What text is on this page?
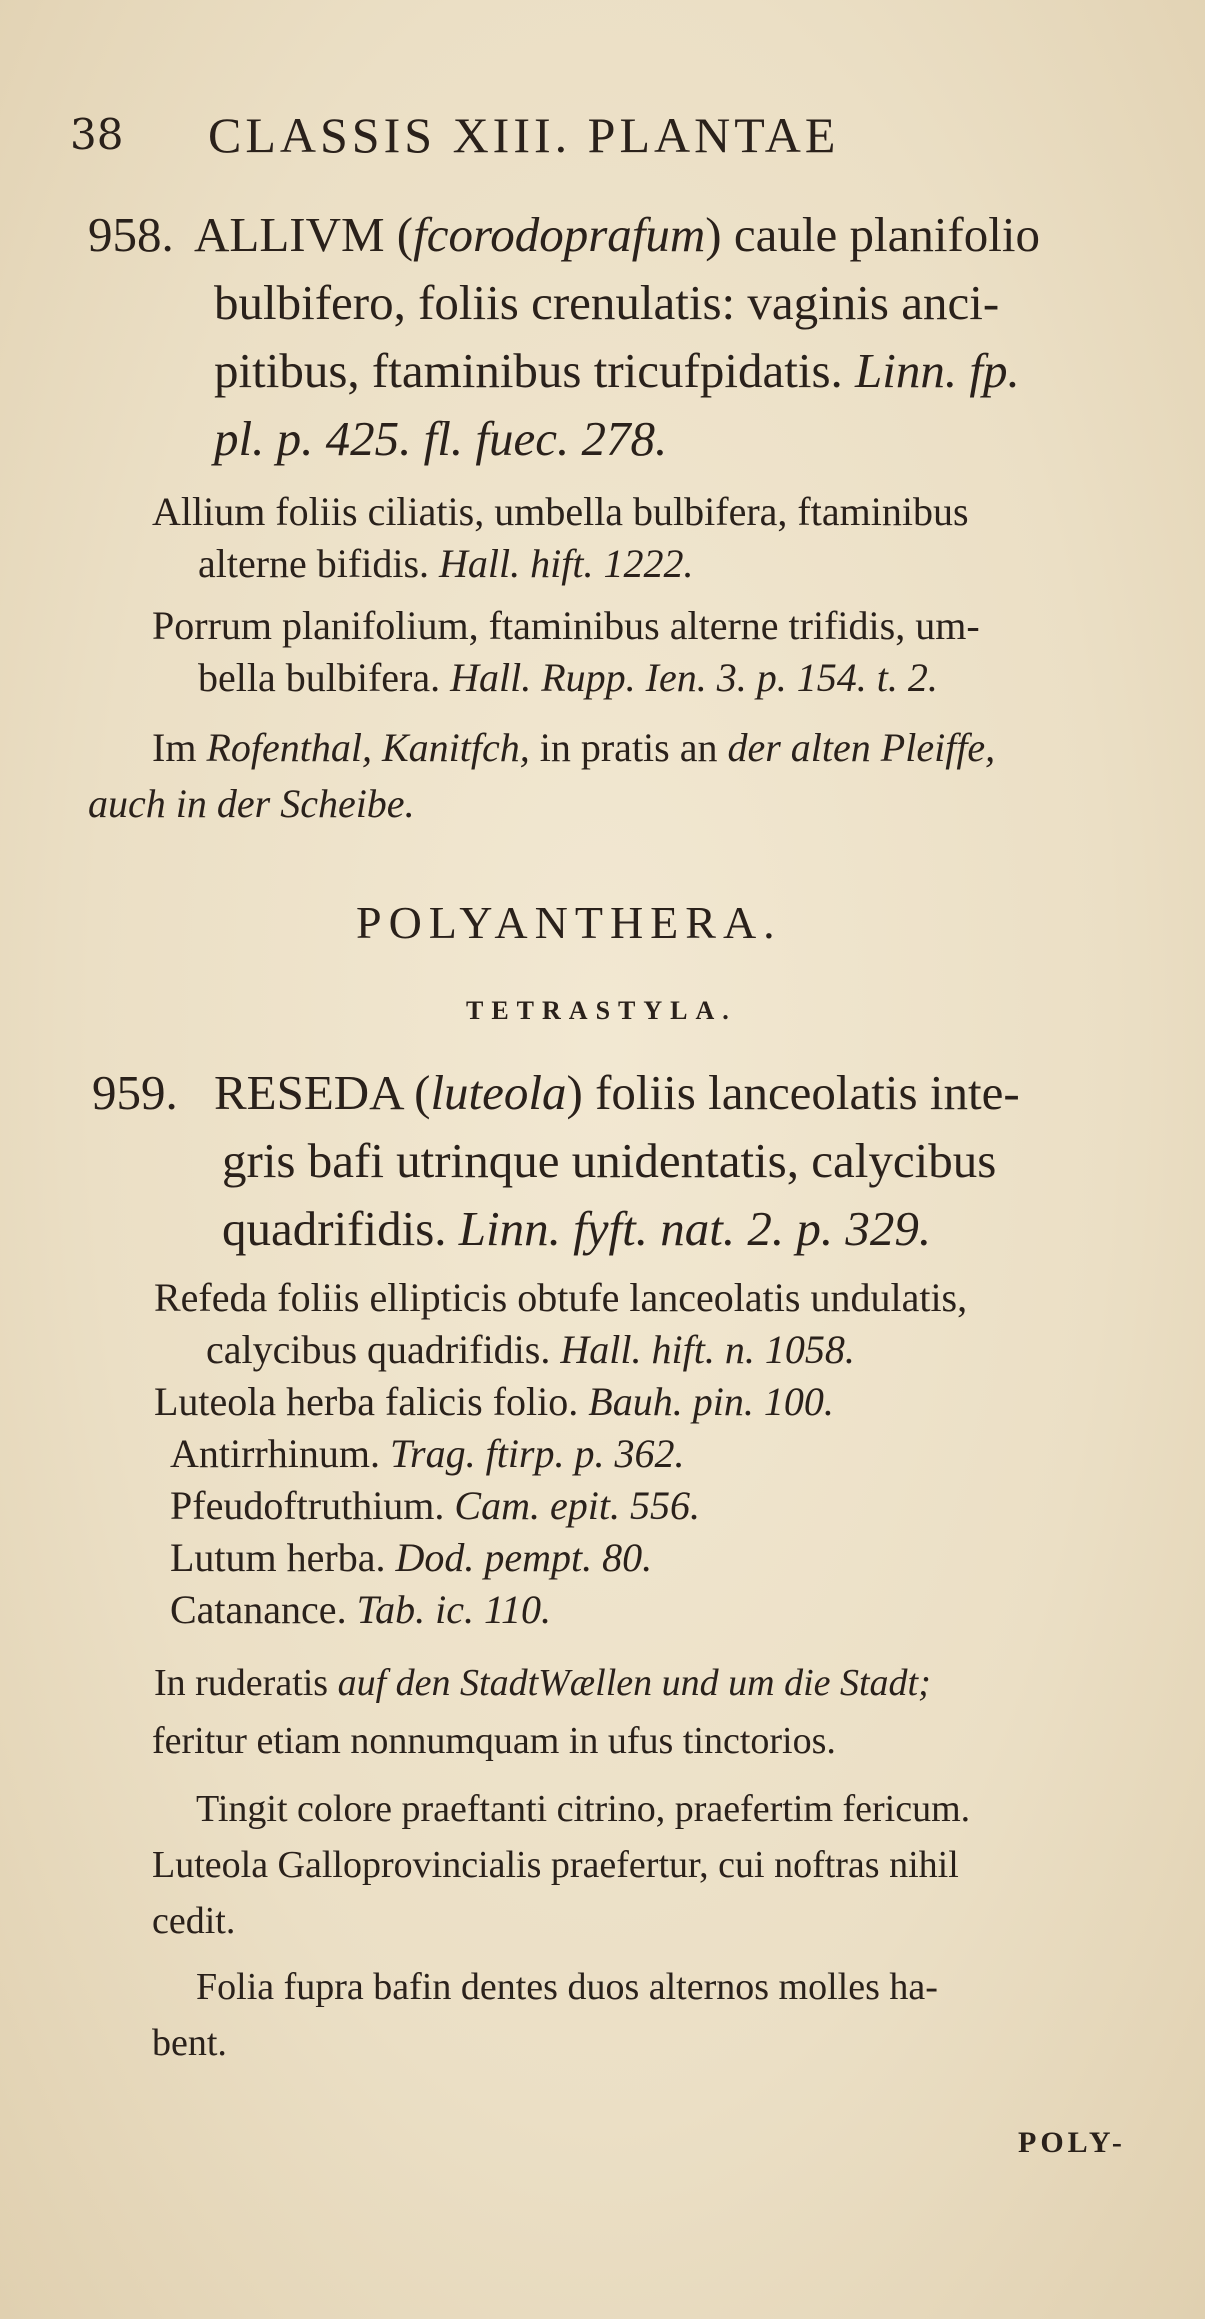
38 CLASSIS XIII. PLANTAE
958. ALLIVM (fcorodoprafum) caule planifolio
bulbifero, foliis crenulatis: vaginis anci-
pitibus, ftaminibus tricufpidatis. Linn. fp.
pl. p. 425. fl. fuec. 278.
Allium foliis ciliatis, umbella bulbifera, ftaminibus
alterne bifidis. Hall. hift. 1222.
Porrum planifolium, ftaminibus alterne trifidis, um-
bella bulbifera. Hall. Rupp. Ien. 3. p. 154. t. 2.
Im Rofenthal, Kanitfch, in pratis an der alten Pleiffe,
auch in der Scheibe.
POLYANTHERA.
TETRASTYLA.
959. RESEDA (luteola) foliis lanceolatis inte-
gris bafi utrinque unidentatis, calycibus
quadrifidis. Linn. fyft. nat. 2. p. 329.
Refeda foliis ellipticis obtufe lanceolatis undulatis,
calycibus quadrifidis. Hall. hift. n. 1058.
Luteola herba falicis folio. Bauh. pin. 100.
Antirrhinum. Trag. ftirp. p. 362.
Pfeudoftruthium. Cam. epit. 556.
Lutum herba. Dod. pempt. 80.
Catanance. Tab. ic. 110.
In ruderatis auf den StadtWællen und um die Stadt;
feritur etiam nonnumquam in ufus tinctorios.
Tingit colore praeftanti citrino, praefertim fericum.
Luteola Galloprovincialis praefertur, cui noftras nihil
cedit.
Folia fupra bafin dentes duos alternos molles ha-
bent.
POLY-
